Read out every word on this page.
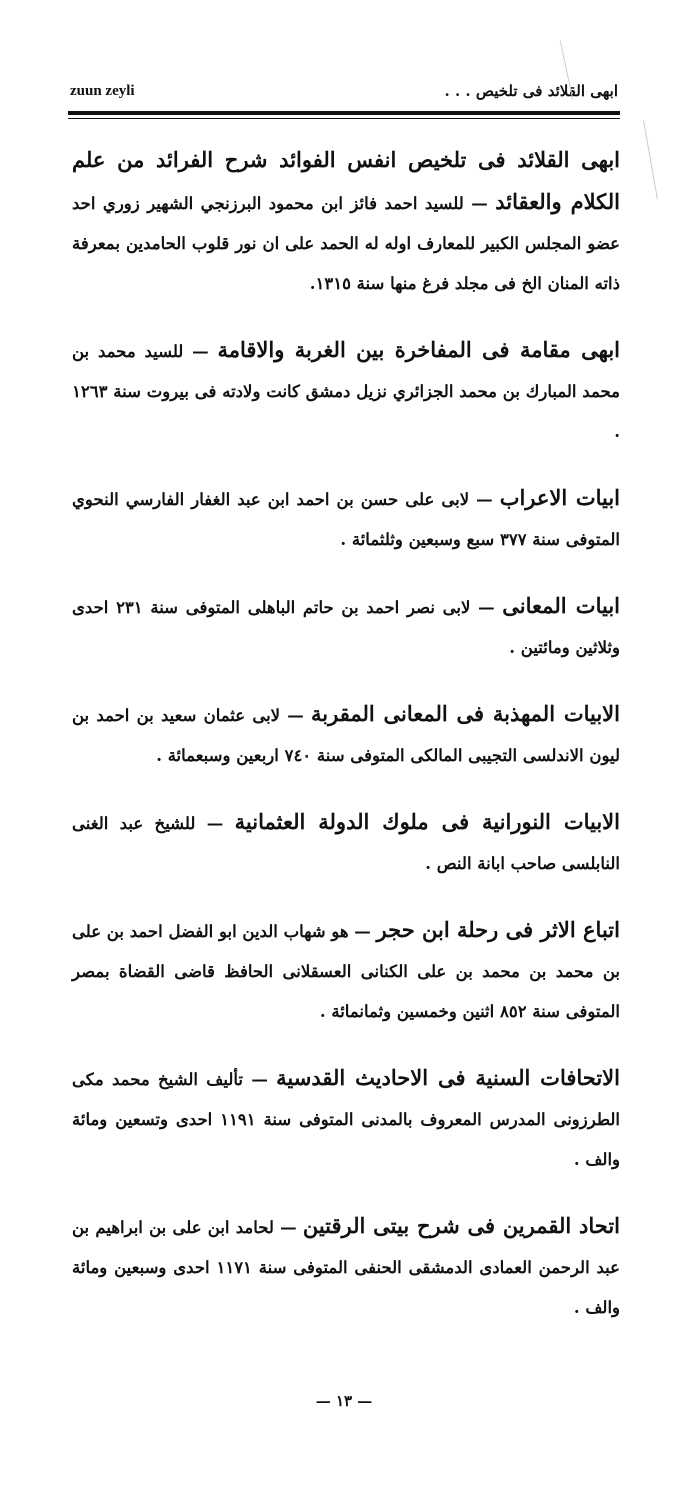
zuun zeyli	ابهى القلائد فى تلخيص . . .

ابهى القلائد فى تلخيص انفس الفوائد شرح الفرائد من علم الكلام والعقائد — للسيد احمد فائز ابن محمود البرزنجي الشهير زوري احد عضو المجلس الكبير للمعارف اوله له الحمد على ان نور قلوب الحامدين بمعرفة ذاته المنان الخ فى مجلد فرغ منها سنة ١٣١٥.

ابهى مقامة فى المفاخرة بين الغربة والاقامة — للسيد محمد بن محمد المبارك بن محمد الجزائري نزيل دمشق كانت ولادته فى بيروت سنة ١٢٦٣ .

ابيات الاعراب — لابى على حسن بن احمد ابن عبد الغفار الفارسي النحوي المتوفى سنة ٣٧٧ سبع وسبعين وثلثمائة .

ابيات المعانى — لابى نصر احمد بن حاتم الباهلى المتوفى سنة ٢٣١ احدى وثلاثين ومائتين .

الابيات المهذبة فى المعانى المقربة — لابى عثمان سعيد بن احمد بن ليون الاندلسى التجيبى المالكى المتوفى سنة ٧٤٠ اربعين وسبعمائة .

الابيات النورانية فى ملوك الدولة العثمانية — للشيخ عبد الغنى النابلسى صاحب ابانة النص .

اتباع الاثر فى رحلة ابن حجر — هو شهاب الدين ابو الفضل احمد بن على بن محمد بن محمد بن على الكنانى العسقلانى الحافظ قاضى القضاة بمصر المتوفى سنة ٨٥٢ اثنين وخمسين وثمانمائة .

الاتحافات السنية فى الاحاديث القدسية — تأليف الشيخ محمد مكى الطرزونى المدرس المعروف بالمدنى المتوفى سنة ١١٩١ احدى وتسعين ومائة والف .

اتحاد القمرين فى شرح بيتى الرقتين — لحامد ابن على بن ابراهيم بن عبد الرحمن العمادى الدمشقى الحنفى المتوفى سنة ١١٧١ احدى وسبعين ومائة والف .

— ١٣ —
